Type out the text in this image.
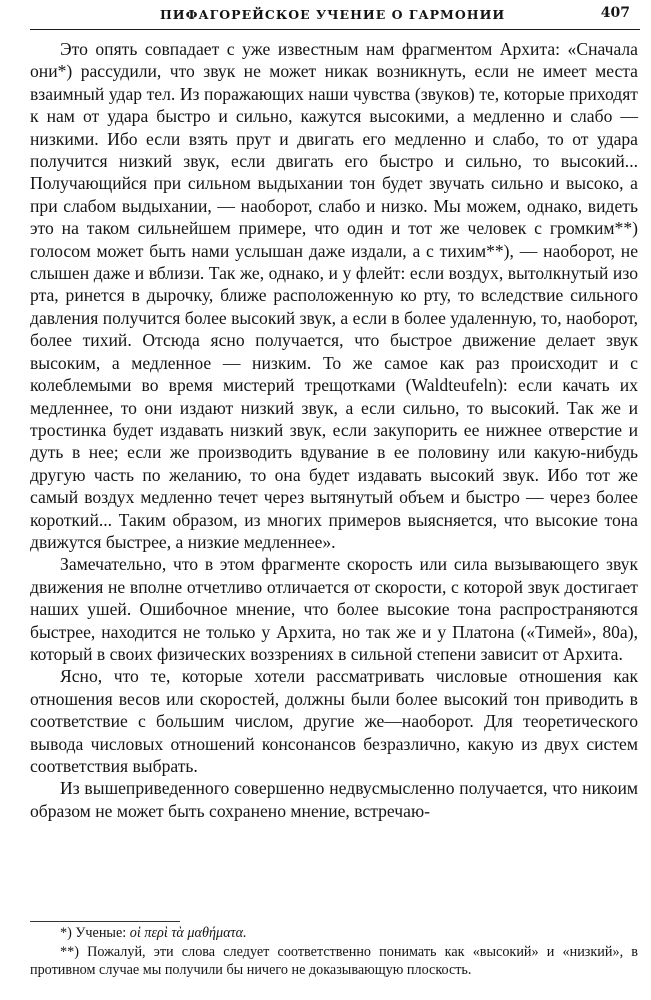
ПИФАГОРЕЙСКОЕ УЧЕНИЕ О ГАРМОНИИ	407

Это опять совпадает с уже известным нам фрагментом Архита: «Сначала они*) рассудили, что звук не может никак возникнуть, если не имеет места взаимный удар тел. Из поражающих наши чувства (звуков) те, которые приходят к нам от удара быстро и сильно, кажутся высокими, а медленно и слабо — низкими. Ибо если взять прут и двигать его медленно и слабо, то от удара получится низкий звук, если двигать его быстро и сильно, то высокий... Получающийся при сильном выдыхании тон будет звучать сильно и высоко, а при слабом выдыхании, — наоборот, слабо и низко. Мы можем, однако, видеть это на таком сильнейшем примере, что один и тот же человек с громким**) голосом может быть нами услышан даже издали, а с тихим**), — наоборот, не слышен даже и вблизи. Так же, однако, и у флейт: если воздух, вытолкнутый изо рта, ринется в дырочку, ближе расположенную ко рту, то вследствие сильного давления получится более высокий звук, а если в более удаленную, то, наоборот, более тихий. Отсюда ясно получается, что быстрое движение делает звук высоким, а медленное — низким. То же самое как раз происходит и с колеблемыми во время мистерий трещотками (Waldteufeln): если качать их медленнее, то они издают низкий звук, а если сильно, то высокий. Так же и тростинка будет издавать низкий звук, если закупорить ее нижнее отверстие и дуть в нее; если же производить вдувание в ее половину или какую-нибудь другую часть по желанию, то она будет издавать высокий звук. Ибо тот же самый воздух медленно течет через вытянутый объем и быстро — через более короткий... Таким образом, из многих примеров выясняется, что высокие тона движутся быстрее, а низкие медленнее».

Замечательно, что в этом фрагменте скорость или сила вызывающего звук движения не вполне отчетливо отличается от скорости, с которой звук достигает наших ушей. Ошибочное мнение, что более высокие тона распространяются быстрее, находится не только у Архита, но так же и у Платона («Тимей», 80а), который в своих физических воззрениях в сильной степени зависит от Архита.

Ясно, что те, которые хотели рассматривать числовые отношения как отношения весов или скоростей, должны были более высокий тон приводить в соответствие с большим числом, другие же—наоборот. Для теоретического вывода числовых отношений консонансов безразлично, какую из двух систем соответствия выбрать.

Из вышеприведенного совершенно недвусмысленно получается, что никоим образом не может быть сохранено мнение, встречаю-

*) Ученые: οἱ περὶ τὰ μαθήματα.

**) Пожалуй, эти слова следует соответственно понимать как «высокий» и «низкий», в противном случае мы получили бы ничего не доказывающую плоскость.
